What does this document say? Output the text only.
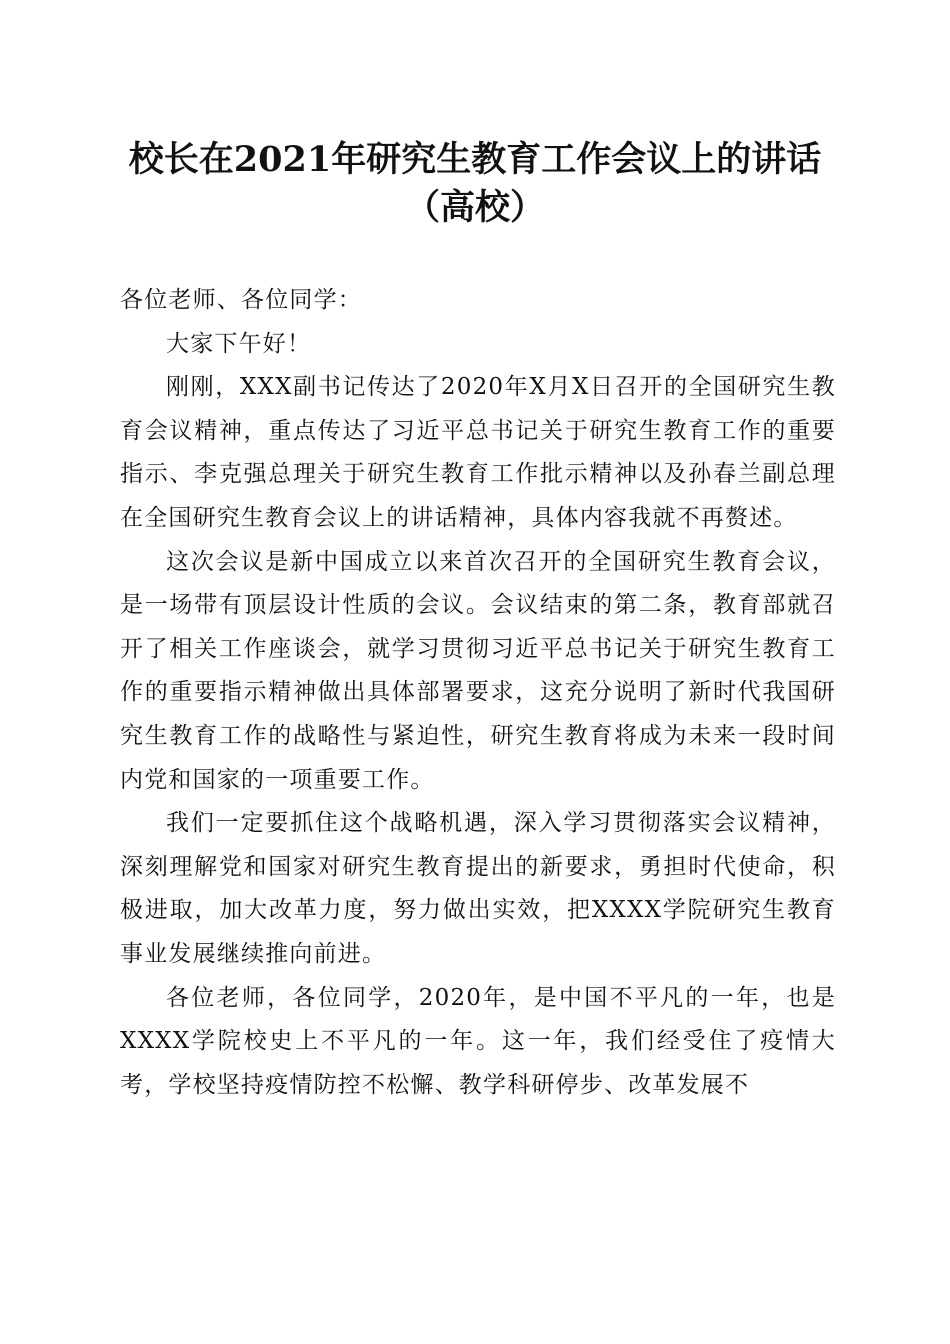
校长在2021年研究生教育工作会议上的讲话
（高校）

各位老师、各位同学：

大家下午好！

刚刚，XXX副书记传达了2020年X月X日召开的全国研究生教育会议精神，重点传达了习近平总书记关于研究生教育工作的重要指示、李克强总理关于研究生教育工作批示精神以及孙春兰副总理在全国研究生教育会议上的讲话精神，具体内容我就不再赘述。

这次会议是新中国成立以来首次召开的全国研究生教育会议，是一场带有顶层设计性质的会议。会议结束的第二条，教育部就召开了相关工作座谈会，就学习贯彻习近平总书记关于研究生教育工作的重要指示精神做出具体部署要求，这充分说明了新时代我国研究生教育工作的战略性与紧迫性，研究生教育将成为未来一段时间内党和国家的一项重要工作。

我们一定要抓住这个战略机遇，深入学习贯彻落实会议精神，深刻理解党和国家对研究生教育提出的新要求，勇担时代使命，积极进取，加大改革力度，努力做出实效，把XXXX学院研究生教育事业发展继续推向前进。

各位老师，各位同学，2020年，是中国不平凡的一年，也是XXXX学院校史上不平凡的一年。这一年，我们经受住了疫情大考，学校坚持疫情防控不松懈、教学科研停步、改革发展不
